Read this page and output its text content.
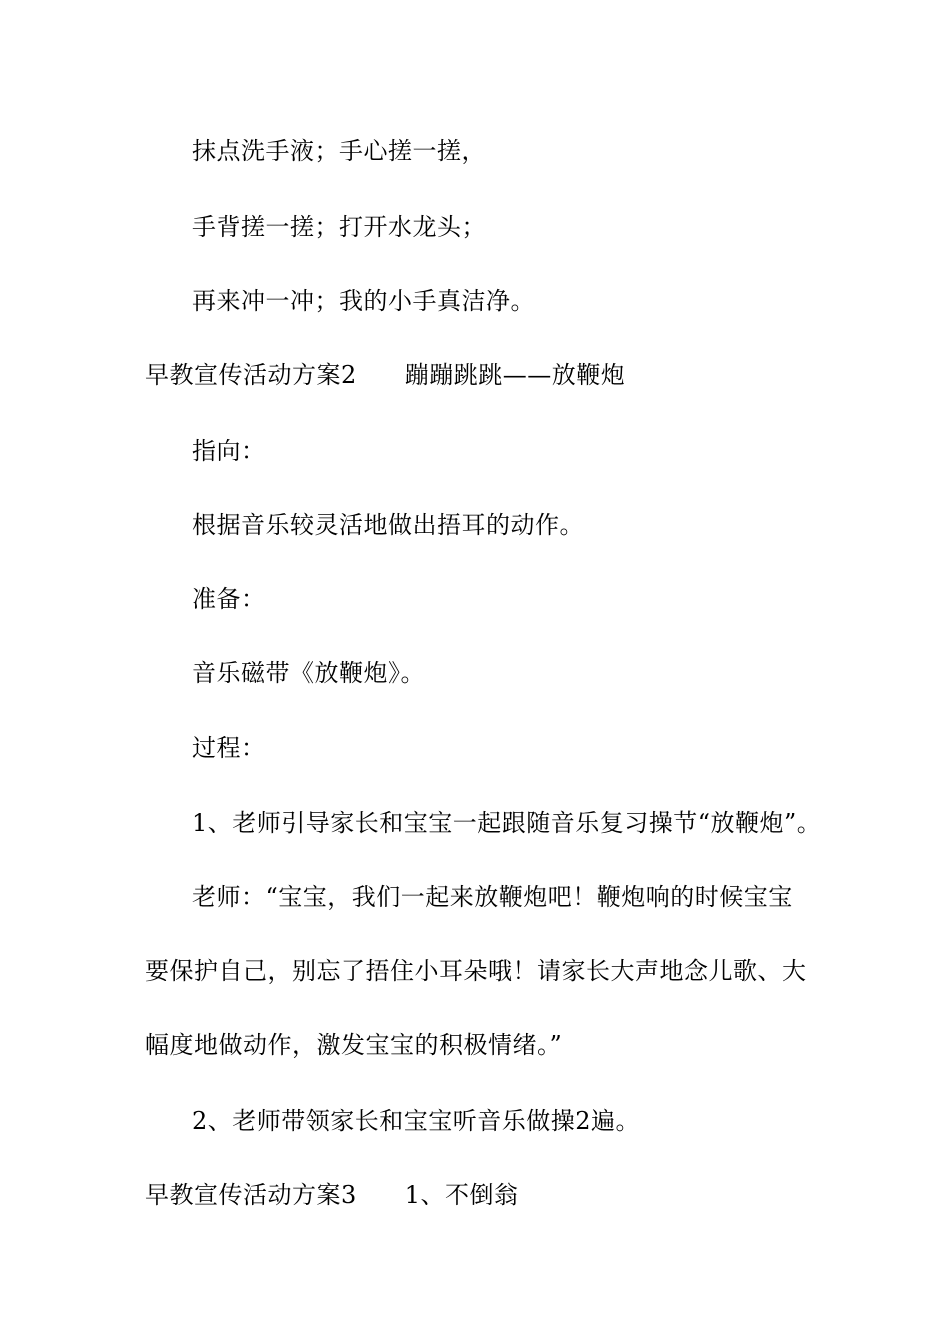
抹点洗手液；手心搓一搓，
手背搓一搓；打开水龙头；
再来冲一冲；我的小手真洁净。
早教宣传活动方案2 蹦蹦跳跳——放鞭炮
指向：
根据音乐较灵活地做出捂耳的动作。
准备：
音乐磁带《放鞭炮》。
过程：
1、老师引导家长和宝宝一起跟随音乐复习操节“放鞭炮”。
老师：“宝宝，我们一起来放鞭炮吧！鞭炮响的时候宝宝
要保护自己，别忘了捂住小耳朵哦！请家长大声地念儿歌、大
幅度地做动作，激发宝宝的积极情绪。”
2、老师带领家长和宝宝听音乐做操2遍。
早教宣传活动方案3 1、不倒翁
